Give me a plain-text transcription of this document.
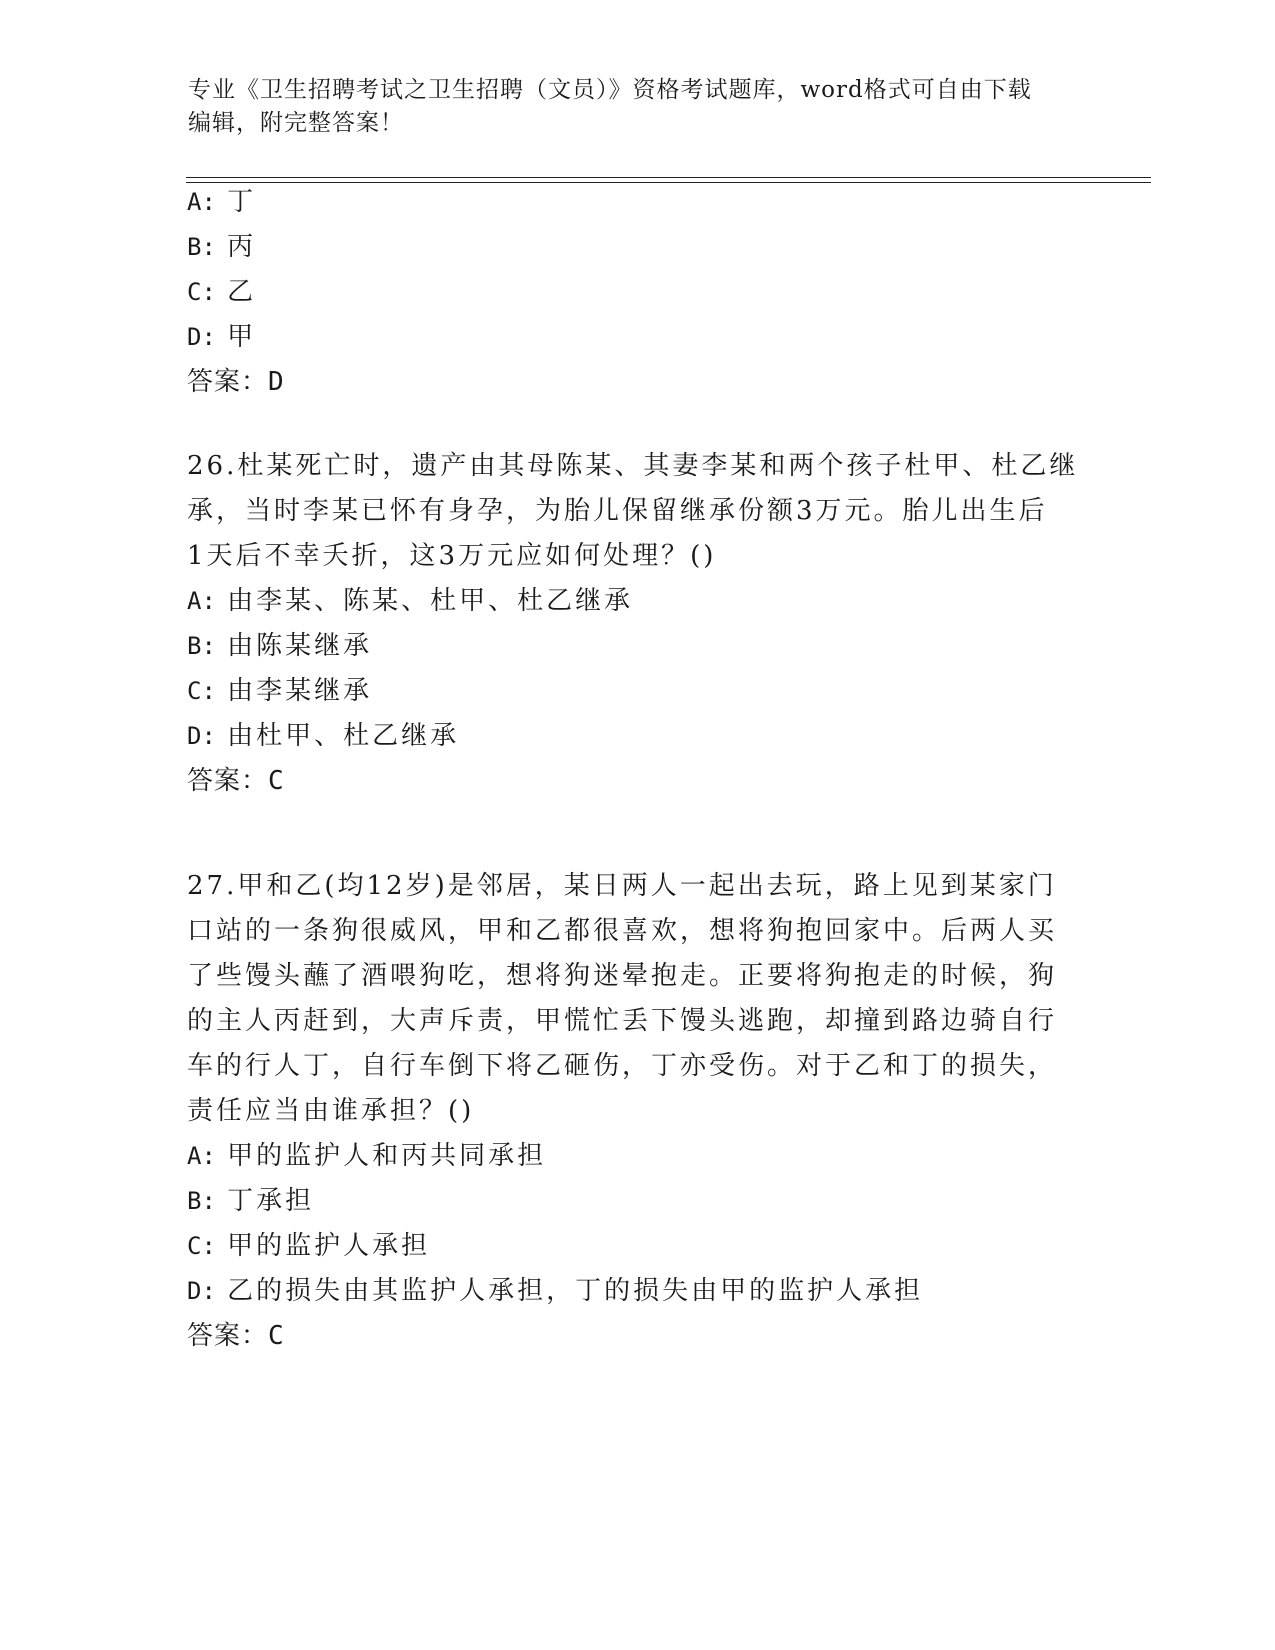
专业《卫生招聘考试之卫生招聘（文员）》资格考试题库，word格式可自由下载
编辑，附完整答案！

A: 丁

B: 丙

C: 乙

D: 甲

答案：D

26.杜某死亡时，遗产由其母陈某、其妻李某和两个孩子杜甲、杜乙继

承，当时李某已怀有身孕，为胎儿保留继承份额3万元。胎儿出生后

1天后不幸夭折，这3万元应如何处理？()

A: 由李某、陈某、杜甲、杜乙继承

B: 由陈某继承

C: 由李某继承

D: 由杜甲、杜乙继承

答案：C

27.甲和乙(均12岁)是邻居，某日两人一起出去玩，路上见到某家门

口站的一条狗很威风，甲和乙都很喜欢，想将狗抱回家中。后两人买

了些馒头蘸了酒喂狗吃，想将狗迷晕抱走。正要将狗抱走的时候，狗

的主人丙赶到，大声斥责，甲慌忙丢下馒头逃跑，却撞到路边骑自行

车的行人丁，自行车倒下将乙砸伤，丁亦受伤。对于乙和丁的损失，

责任应当由谁承担？()

A: 甲的监护人和丙共同承担

B: 丁承担

C: 甲的监护人承担

D: 乙的损失由其监护人承担，丁的损失由甲的监护人承担

答案：C
